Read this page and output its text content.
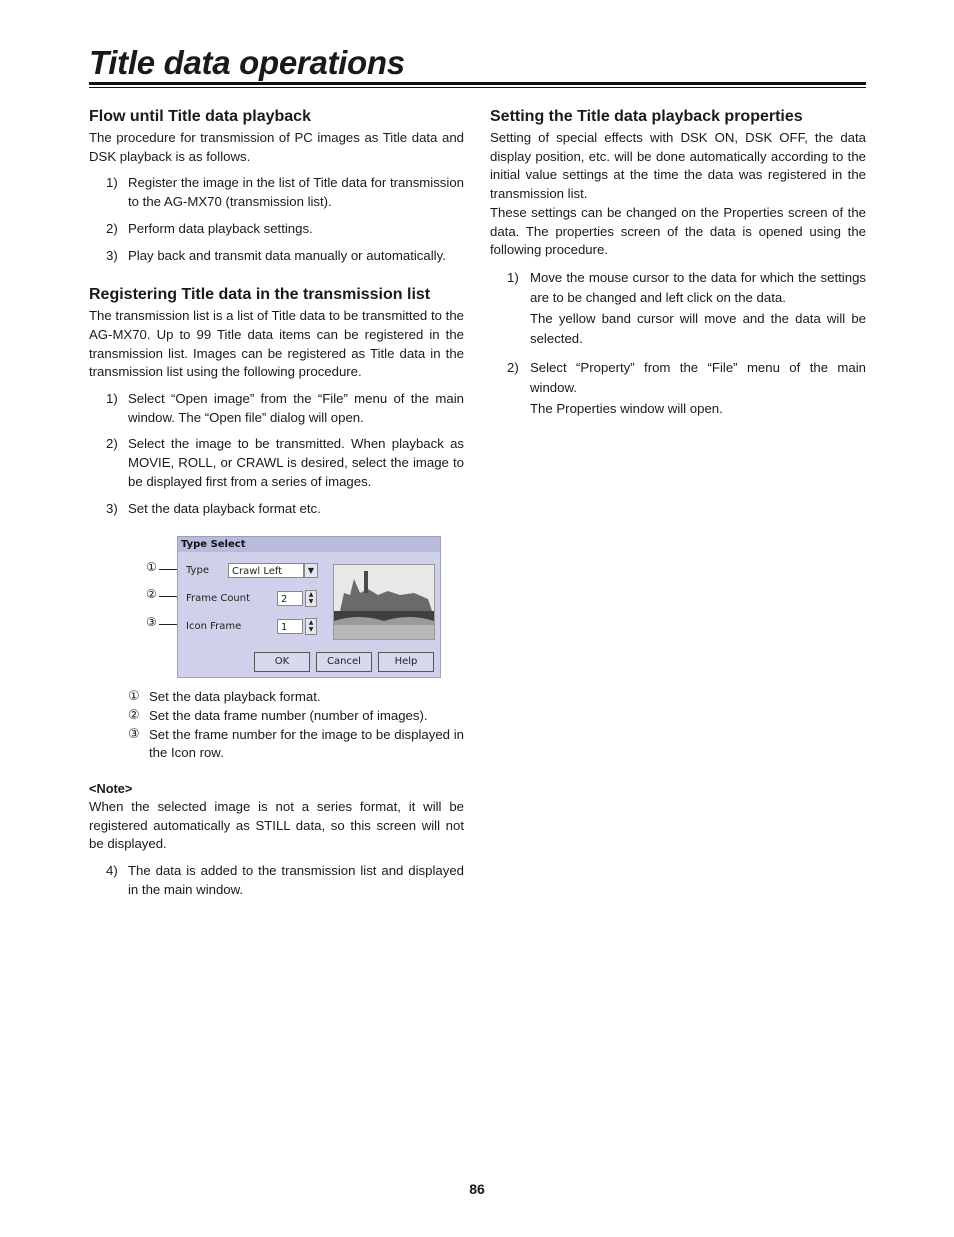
Title data operations
Flow until Title data playback

The procedure for transmission of PC images as Title data and DSK playback is as follows.

1) Register the image in the list of Title data for transmission to the AG-MX70 (transmission list).
2) Perform data playback settings.
3) Play back and transmit data manually or automatically.
Registering Title data in the transmission list

The transmission list is a list of Title data to be transmitted to the AG-MX70. Up to 99 Title data items can be registered in the transmission list. Images can be registered as Title data in the transmission list using the following procedure.

1) Select “Open image” from the “File” menu of the main window. The “Open file” dialog will open.
2) Select the image to be transmitted. When playback as MOVIE, ROLL, or CRAWL is desired, select the image to be displayed first from a series of images.
3) Set the data playback format etc.
①
②
③
Type Select
Type	Crawl Left	▼
Frame Count	2	▲
▼
Icon Frame	1	▲
▼
OK	Cancel	Help
① Set the data playback format.
② Set the data frame number (number of images).
③ Set the frame number for the image to be displayed in the Icon row.
<Note>

When the selected image is not a series format, it will be registered automatically as STILL data, so this screen will not be displayed.

4) The data is added to the transmission list and displayed in the main window.
Setting the Title data playback properties

Setting of special effects with DSK ON, DSK OFF, the data display position, etc. will be done automatically according to the initial value settings at the time the data was registered in the transmission list.

These settings can be changed on the Properties screen of the data. The properties screen of the data is opened using the following procedure.

1) Move the mouse cursor to the data for which the settings are to be changed and left click on the data.
The yellow band cursor will move and the data will be selected.
2) Select “Property” from the “File” menu of the main window.
The Properties window will open.
86
